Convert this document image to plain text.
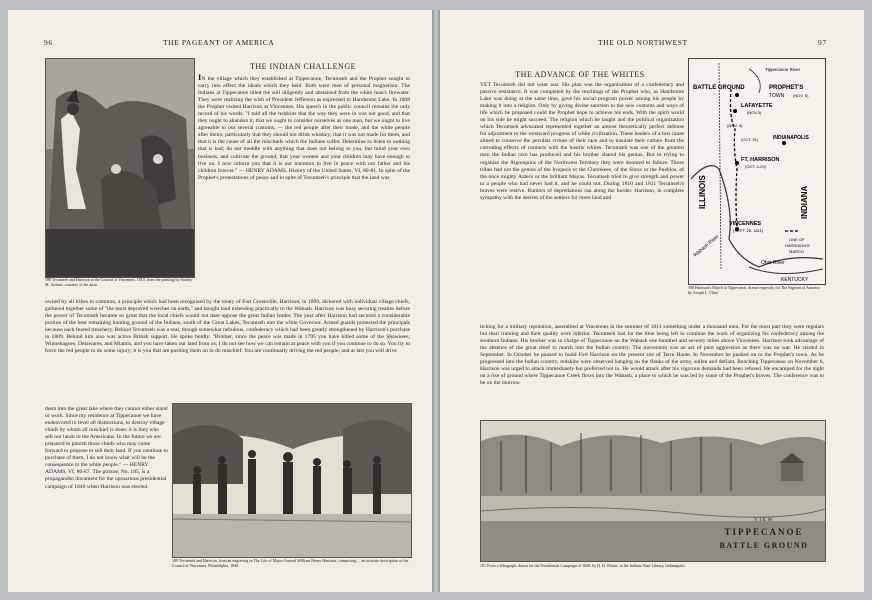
96	THE PAGEANT OF AMERICA
188 Tecumseh and Harrison at the Council at Vincennes, 1810, from the painting by Stanley M. Arthurs, courtesy of the artist
THE INDIAN CHALLENGE
IN the village which they established at Tippecanoe, Tecumseh and the Prophet sought to carry into effect the ideals which they held. Both were men of personal magnetism. The Indians at Tippecanoe tilled the soil diligently and abstained from the white man's firewater. They were realizing the wish of President Jefferson as expressed to Handsome Lake. In 1808 the Prophet visited Harrison at Vincennes. His speech in the public council remains the only record of his words. "I told all the redskins that the way they were in was not good, and that they ought to abandon it; that we ought to consider ourselves as one man, but we ought to live agreeable to our several customs, — the red people after their mode, and the white people after theirs; particularly that they should not drink whiskey; that it was not made for them, and that it is the cause of all the mischiefs which the Indians suffer. Determine to listen to nothing that is bad; do not meddle with anything that does not belong to you, but mind your own business, and cultivate the ground, that your women and your children may have enough to live on. I now inform you that it is our intention to live in peace with our father and his children forever." — HENRY ADAMS, History of the United States, VI, 80-81. In spite of the Prophet's protestations of peace and in spite of Tecumseh's principle that the land was
owned by all tribes in common, a principle which had been recognized by the treaty of Fort Greenville, Harrison, in 1809, dickered with individual village chiefs, gathered together some of "the most depraved wretches on earth," and bought land extending practically to the Wabash. Harrison was busy securing treaties before the power of Tecumseh became so great that the local chiefs would not dare oppose the great Indian leader. The year after Harrison had secured a considerable portion of the best remaining hunting ground of the Indians, south of the Great Lakes, Tecumseh met the white Governor. Armed guards protected the principals because each feared treachery. Behind Tecumseh was a real, though somewhat nebulous, confederacy which had been greatly strengthened by Harrison's purchase in 1809. Behind him also was active British support. He spoke boldly. "Brother, since the peace was made in 1795 you have killed some of the Shawnees, Winnebagoes, Delawares, and Miamis, and you have taken our land from us; I do not see how we can remain at peace with you if you continue to do so. You try to force the red people to do some injury; it is you that are pushing them on to do mischief. You are continually driving the red people; and at last you will drive
them into the great lake where they cannot either stand or work. Since my residence at Tippecanoe we have endeavored to level all distinctions, to destroy village chiefs by whom all mischief is done; it is they who sell our lands to the Americans. In the future we are prepared to punish those chiefs who may come forward to propose to sell their land. If you continue to purchase of them, I do not know what will be the consequence to the white people." — HENRY ADAMS, VI, 86-87. The picture, No. 185, is a propagandist document for the uproarious presidential campaign of 1840 when Harrison was elected.
189 Tecumseh and Harrison, from an engraving in The Life of Major-General William Henry Harrison, comprising ... an accurate description of the Council at Vincennes, Philadelphia, 1840
THE OLD NORTHWEST	97
THE ADVANCE OF THE WHITES
YET Tecumseh did not want war. His plan was the organization of a confederacy and passive resistance. It was completed by the teachings of the Prophet who, as Handsome Lake was doing at the same time, gave his social program power among his people by making it into a religion. Only by giving divine sanction to the new customs and ways of life which he proposed could the Prophet hope to achieve his ends. With the spirit world on his side he might succeed. The religion which he taught and the political organization which Tecumseh advocated represented together an almost theoretically perfect defense for adjustment to the westward progress of white civilization. These leaders of a lost cause aimed to conserve the peculiar virtues of their race and to insulate their culture from the corroding effects of contacts with the hostile whites. Tecumseh was one of the greatest men the Indian race has produced and his brother shared his genius. But in trying to organize the Algonquins of the Northwest Territory they were doomed to failure. Those tribes had not the genius of the Iroquois or the Cherokees, of the Sioux or the Pueblos, of the once mighty Aztecs or the brilliant Mayas. Tecumseh tried to give strength and power to a people who had never had it, and he could not. During 1810 and 1811 Tecumseh's braves were restive. Rumors of depredations ran along the border. Harrison, in complete sympathy with the desires of the settlers for more land and
Tippecanoe River
BATTLE GROUND	PROPHET'S
TOWN (NOV. 6)
LAFAYETTE
(NOV.3)
(NOV. 4)
(OCT. 31)	INDIANAPOLIS
FT. HARRISON
(OCT. 3-29)
ILLINOIS	INDIANA
VINCENNES
(SEPT. 26, 1811)
Wabash River
Ohio River
KENTUCKY
LINE OF
HARRISON'S
MARCH
190 Harrison's March to Tippecanoe, drawn expressly for The Pageant of America by Joseph L. Cline
itching for a military reputation, assembled at Vincennes in the summer of 1811 something under a thousand men. For the most part they were regulars but their training and their quality were inferior. Tecumseh had for the time being left to continue the work of organizing his confederacy among the southern Indians. His brother was in charge of Tippecanoe on the Wabash one hundred and seventy miles above Vincennes. Harrison took advantage of the absence of the great chief to march into the Indian country. The movement was an act of pure aggression as there was no war. He started in September. In October he paused to build Fort Harrison on the present site of Terre Haute. In November he pushed on to the Prophet's town. As he progressed into the Indian country, redskins were observed hanging on the flanks of the army, sullen and defiant. Reaching Tippecanoe on November 6, Harrison was urged to attack immediately but preferred not to. He would attack after his vigorous demands had been refused. He encamped for the night on a rise of ground where Tippecanoe Creek flows into the Wabash, a place to which he was led by some of the Prophet's braves. The conference was to be on the morrow.
VIEW
TIPPECANOE
BATTLE GROUND
191 From a lithograph, drawn for the Presidential Campaign of 1840, by H. H. Winter, in the Indiana State Library, Indianapolis
